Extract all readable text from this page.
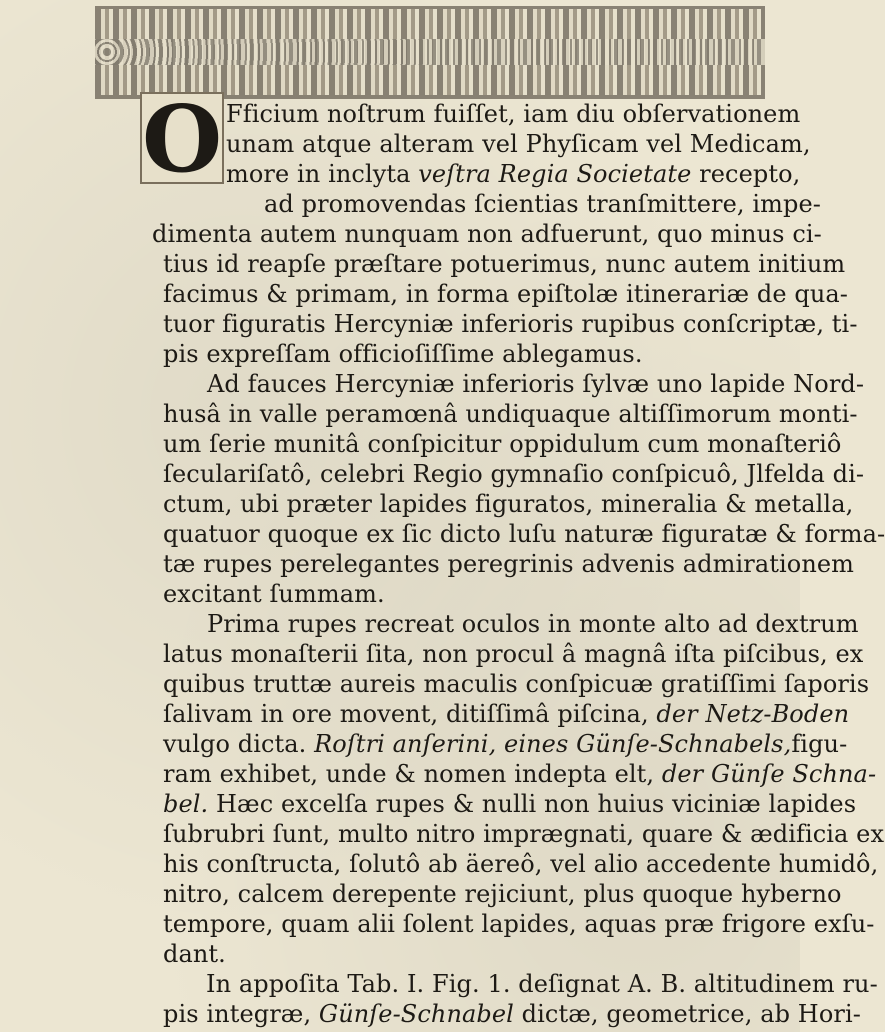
O Fficium noſtrum fuiſſet, iam diu obſervationem
unam atque alteram vel Phyſicam vel Medicam,
more in inclyta veſtra Regia Societate recepto,
ad promovendas ſcientias tranſmittere, impe-
dimenta autem nunquam non adfuerunt, quo minus ci-
tius id reapſe præſtare potuerimus, nunc autem initium
facimus & primam, in forma epiſtolæ itinerariæ de qua-
tuor figuratis Hercyniæ inferioris rupibus conſcriptæ, ti-
pis expreſſam officioſiſſime ablegamus.
Ad fauces Hercyniæ inferioris ſylvæ uno lapide Nord-
husâ in valle peramœnâ undiquaque altiſſimorum monti-
um ſerie munitâ conſpicitur oppidulum cum monaſteriô
ſeculariſatô, celebri Regio gymnaſio conſpicuô, Jlfelda di-
ctum, ubi præter lapides figuratos, mineralia & metalla,
quatuor quoque ex ſic dicto luſu naturæ figuratæ & forma-
tæ rupes perelegantes peregrinis advenis admirationem
excitant ſummam.
Prima rupes recreat oculos in monte alto ad dextrum
latus monaſterii ſita, non procul â magnâ iſta piſcibus, ex
quibus truttæ aureis maculis conſpicuæ gratiſſimi ſaporis
ſalivam in ore movent, ditiſſimâ piſcina, der Netz-Boden
vulgo dicta. Roſtri anſerini, eines Günſe-Schnabels,figu-
ram exhibet, unde & nomen indepta elt, der Günſe Schna-
bel. Hæc excelſa rupes & nulli non huius viciniæ lapides
ſubrubri ſunt, multo nitro imprægnati, quare & ædificia ex
his conſtructa, ſolutô ab äereô, vel alio accedente humidô,
nitro, calcem derepente rejiciunt, plus quoque hyberno
tempore, quam alii ſolent lapides, aquas præ frigore exſu-
dant.
In appoſita Tab. I. Fig. 1. deſignat A. B. altitudinem ru-
pis integræ, Günſe-Schnabel dictæ, geometrice, ab Hori-
